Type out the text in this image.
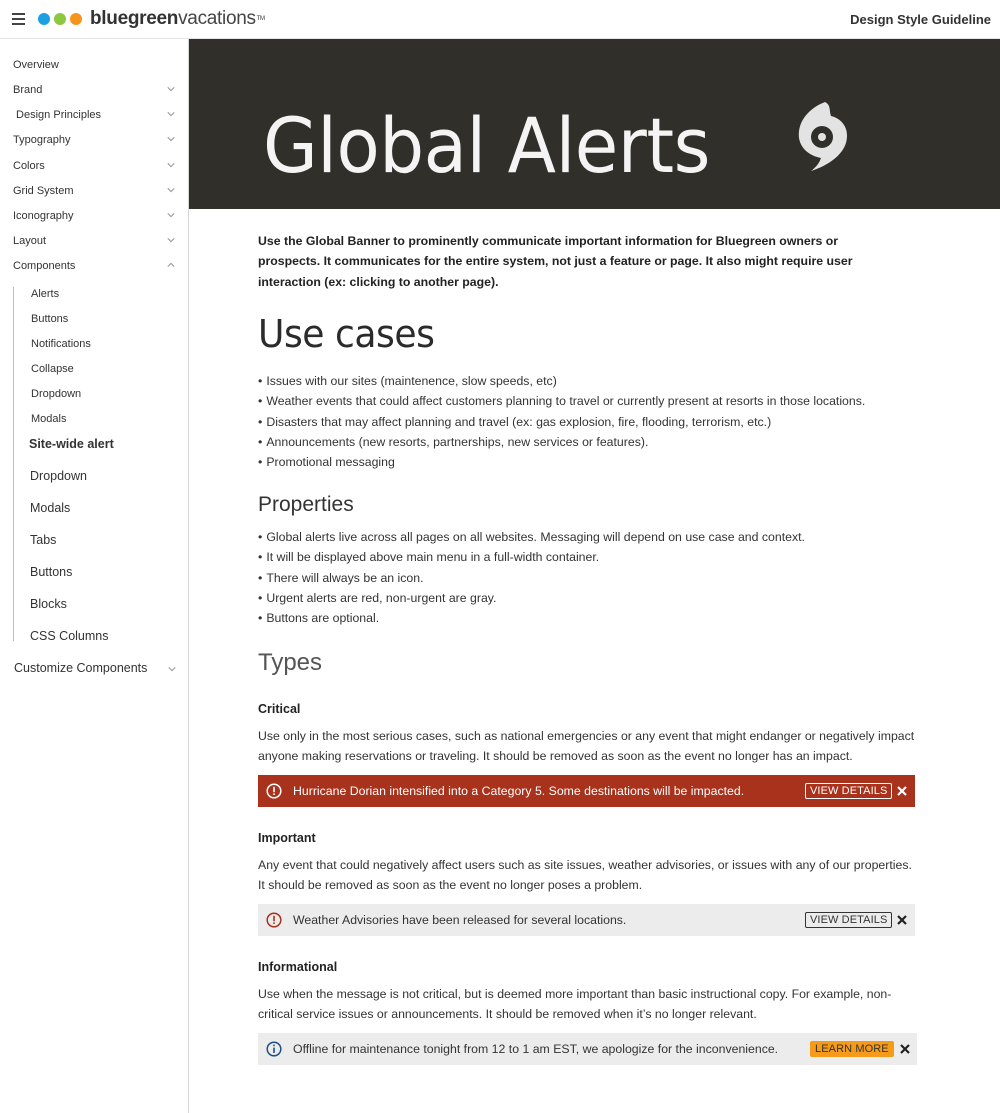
bluegreenvacations™	Design Style Guideline
Overview
Brand
Design Principles
Typography
Colors
Grid System
Iconography
Layout
Components
Alerts
Buttons
Notifications
Collapse
Dropdown
Modals
Site-wide alert
Dropdown
Modals
Tabs
Buttons
Blocks
CSS Columns
Customize Components
Global Alerts

Use the Global Banner to prominently communicate important information for Bluegreen owners or prospects. It communicates for the entire system, not just a feature or page. It also might require user interaction (ex: clicking to another page).

Use cases
• Issues with our sites (maintenence, slow speeds, etc)
• Weather events that could affect customers planning to travel or currently present at resorts in those locations.
• Disasters that may affect planning and travel (ex: gas explosion, fire, flooding, terrorism, etc.)
• Announcements (new resorts, partnerships, new services or features).
• Promotional messaging
Properties
• Global alerts live across all pages on all websites. Messaging will depend on use case and context.
• It will be displayed above main menu in a full-width container.
• There will always be an icon.
• Urgent alerts are red, non-urgent are gray.
• Buttons are optional.
Types
Critical

Use only in the most serious cases, such as national emergencies or any event that might endanger or negatively impact anyone making reservations or traveling. It should be removed as soon as the event no longer has an impact.

Hurricane Dorian intensified into a Category 5. Some destinations will be impacted.	VIEW DETAILS
Important

Any event that could negatively affect users such as site issues, weather advisories, or issues with any of our properties. It should be removed as soon as the event no longer poses a problem.

Weather Advisories have been released for several locations.	VIEW DETAILS
Informational

Use when the message is not critical, but is deemed more important than basic instructional copy. For example, non-critical service issues or announcements. It should be removed when it’s no longer relevant.

Offline for maintenance tonight from 12 to 1 am EST, we apologize for the inconvenience.	LEARN MORE
